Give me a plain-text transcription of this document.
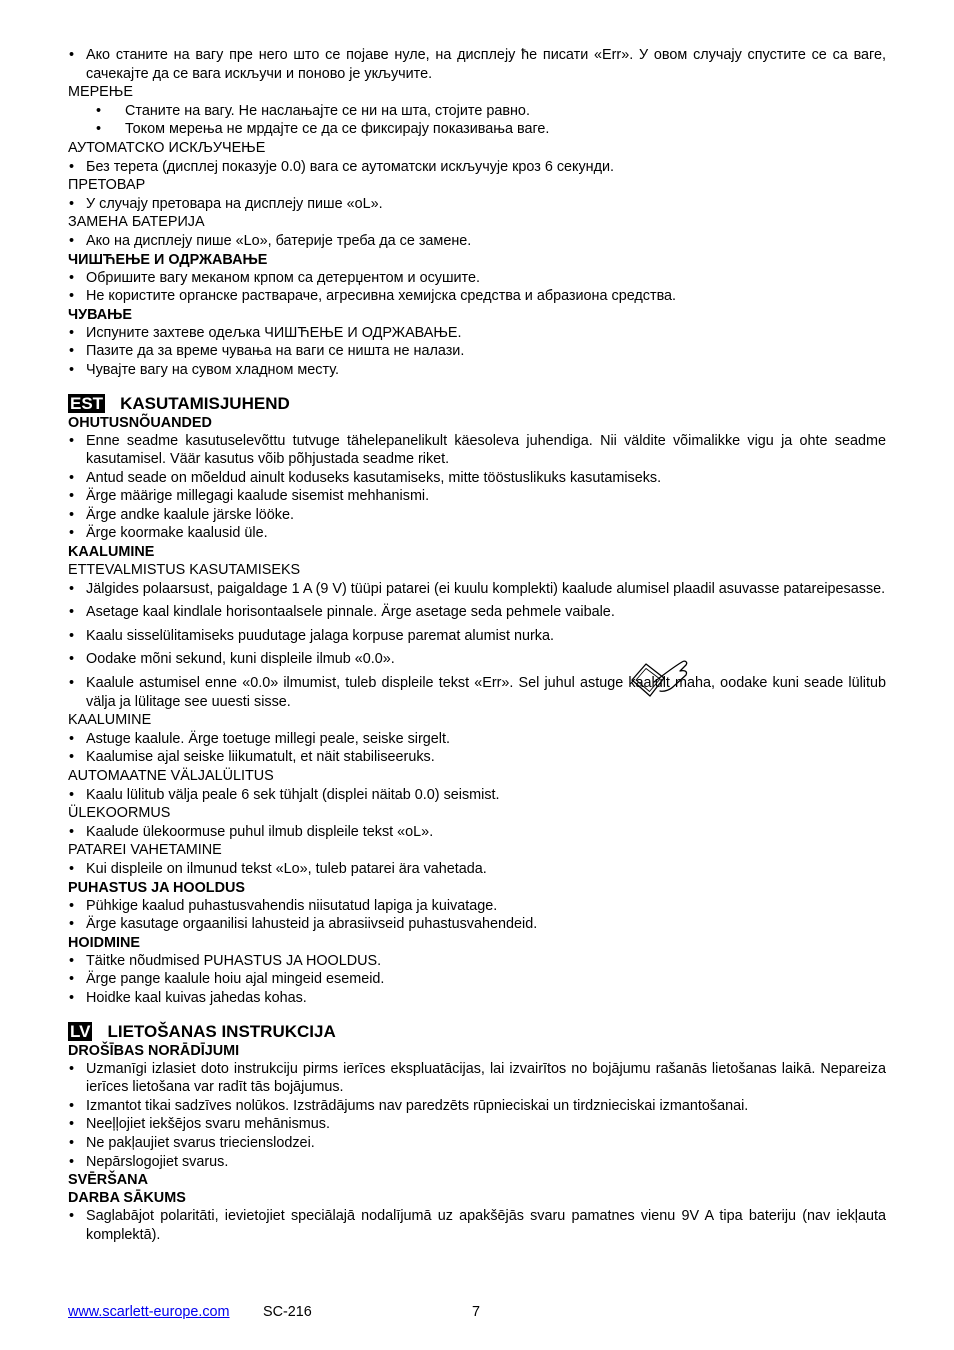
• Ако станите на вагу пре него што се појаве нуле, на дисплеју ће писати «Err». У овом случају спустите се са ваге, сачекајте да се вага искључи и поново је укључите.
МЕРЕЊЕ
• Станите на вагу. Не наслањајте се ни на шта, стојите равно.
• Током мерења не мрдајте се да се фиксирају показивања ваге.
АУТОМАТСКО ИСКЉУЧЕЊЕ
• Без терета (дисплеј показује 0.0) вага се аутоматски искључује кроз 6 секунди.
ПРЕТОВАР
• У случају претовара на дисплеју пише «oL».
ЗАМЕНА БАТЕРИЈА
• Ако на дисплеју пише «Lo», батерије треба да се замене.
ЧИШЋЕЊЕ И ОДРЖАВАЊЕ
• Обришите вагу меканом крпом са детерџентом и осушите.
• Не користите органске раствараче, агресивна хемијска средства и абразиона средства.
ЧУВАЊЕ
• Испуните захтеве одељка ЧИШЋЕЊЕ И ОДРЖАВАЊЕ.
• Пазите да за време чувања на ваги се ништа не налази.
• Чувајте вагу на сувом хладном месту.
EST KASUTAMISJUHEND
OHUTUSNÕUANDED
• Enne seadme kasutuselevõttu tutvuge tähelepanelikult käesoleva juhendiga. Nii väldite võimalikke vigu ja ohte seadme kasutamisel. Väär kasutus võib põhjustada seadme riket.
• Antud seade on mõeldud ainult koduseks kasutamiseks, mitte tööstuslikuks kasutamiseks.
• Ärge määrige millegagi kaalude sisemist mehhanismi.
• Ärge andke kaalule järske lööke.
• Ärge koormake kaalusid üle.
KAALUMINE
ETTEVALMISTUS KASUTAMISEKS
• Jälgides polaarsust, paigaldage 1 A (9 V) tüüpi patarei (ei kuulu komplekti) kaalude alumisel plaadil asuvasse patareipesasse.
• Asetage kaal kindlale horisontaalsele pinnale. Ärge asetage seda pehmele vaibale.
• Kaalu sisselülitamiseks puudutage jalaga korpuse paremat alumist nurka.
• Oodake mõni sekund, kuni displeile ilmub «0.0».
• Kaalule astumisel enne «0.0» ilmumist, tuleb displeile tekst «Err». Sel juhul astuge kaalult maha, oodake kuni seade lülitub välja ja lülitage see uuesti sisse.
KAALUMINE
• Astuge kaalule. Ärge toetuge millegi peale, seiske sirgelt.
• Kaalumise ajal seiske liikumatult, et näit stabiliseeruks.
AUTOMAATNE VÄLJALÜLITUS
• Kaalu lülitub välja peale 6 sek tühjalt (displei näitab 0.0) seismist.
ÜLEKOORMUS
• Kaalude ülekoormuse puhul ilmub displeile tekst «oL».
PATAREI VAHETAMINE
• Kui displeile on ilmunud tekst «Lo», tuleb patarei ära vahetada.
PUHASTUS JA HOOLDUS
• Pühkige kaalud puhastusvahendis niisutatud lapiga ja kuivatage.
• Ärge kasutage orgaanilisi lahusteid ja abrasiivseid puhastusvahendeid.
HOIDMINE
• Täitke nõudmised PUHASTUS JA HOOLDUS.
• Ärge pange kaalule hoiu ajal mingeid esemeid.
• Hoidke kaal kuivas jahedas kohas.
LV LIETOŠANAS INSTRUKCIJA
DROŠĪBAS NORĀDĪJUMI
• Uzmanīgi izlasiet doto instrukciju pirms ierīces ekspluatācijas, lai izvairītos no bojājumu rašanās lietošanas laikā. Nepareiza ierīces lietošana var radīt tās bojājumus.
• Izmantot tikai sadzīves nolūkos. Izstrādājums nav paredzēts rūpnieciskai un tirdznieciskai izmantošanai.
• Neeļļojiet iekšējos svaru mehānismus.
• Ne pakļaujiet svarus triecienslodzei.
• Nepārslogojiet svarus.
SVĒRŠANA
DARBA SĀKUMS
• Saglabājot polaritāti, ievietojiet speciālajā nodalījumā uz apakšējās svaru pamatnes vienu 9V A tipa bateriju (nav iekļauta komplektā).
www.scarlett-europe.com SC-216	7
